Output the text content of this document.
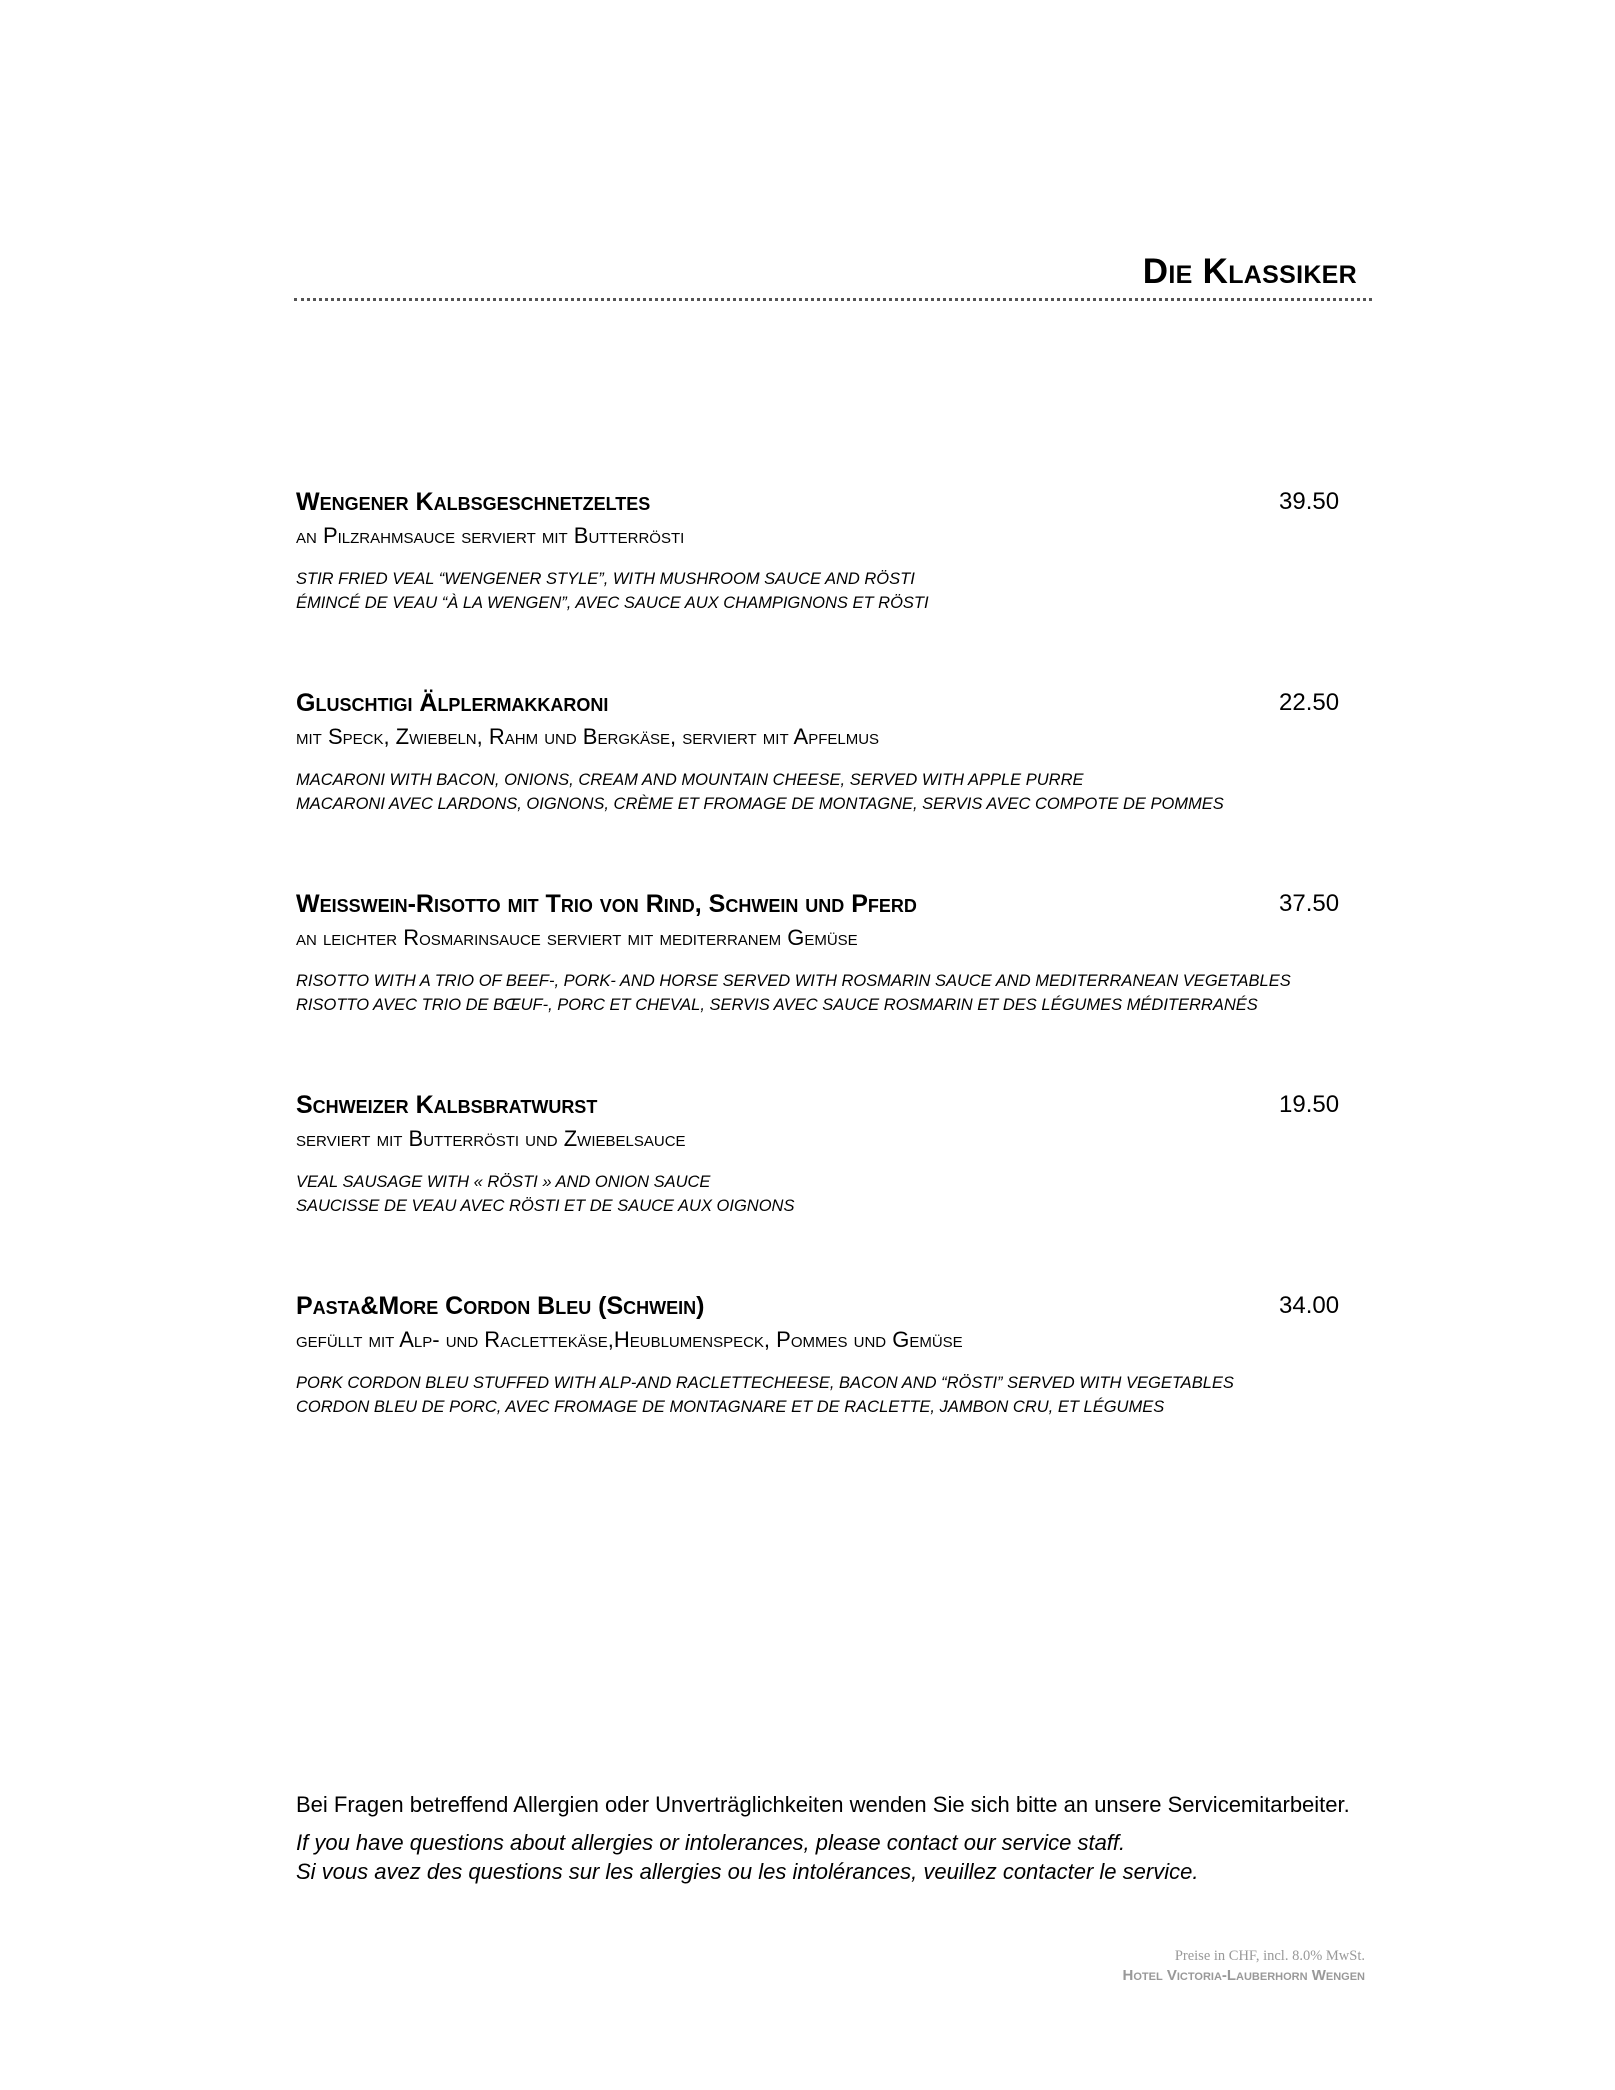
Die Klassiker
Wengener Kalbsgeschnetzeltes	39.50
an Pilzrahmsauce serviert mit Butterrösti
STIR FRIED VEAL “WENGENER STYLE”, WITH MUSHROOM SAUCE AND RÖSTI
ÉMINCÉ DE VEAU “À LA WENGEN”, AVEC SAUCE AUX CHAMPIGNONS ET RÖSTI
Gluschtigi Älplermakkaroni	22.50
mit Speck, Zwiebeln, Rahm und Bergkäse, serviert mit Apfelmus
MACARONI WITH BACON, ONIONS, CREAM AND MOUNTAIN CHEESE, SERVED WITH APPLE PURRE
MACARONI AVEC LARDONS, OIGNONS, CRÈME ET FROMAGE DE MONTAGNE, SERVIS AVEC COMPOTE DE POMMES
Weisswein-Risotto mit Trio von Rind, Schwein und Pferd	37.50
an leichter Rosmarinsauce serviert mit mediterranem Gemüse
RISOTTO WITH A TRIO OF BEEF-, PORK- AND HORSE SERVED WITH ROSMARIN SAUCE AND MEDITERRANEAN VEGETABLES
RISOTTO AVEC TRIO DE BŒUF-, PORC ET CHEVAL, SERVIS AVEC SAUCE ROSMARIN ET DES LÉGUMES MÉDITERRANÉS
Schweizer Kalbsbratwurst	19.50
serviert mit Butterrösti und Zwiebelsauce
VEAL SAUSAGE WITH « RÖSTI » AND ONION SAUCE
SAUCISSE DE VEAU AVEC RÖSTI ET DE SAUCE AUX OIGNONS
Pasta&More Cordon Bleu (Schwein)	34.00
gefüllt mit Alp- und Raclettekäse,Heublumenspeck, Pommes und Gemüse
PORK CORDON BLEU STUFFED WITH ALP-AND RACLETTECHEESE, BACON AND “RÖSTI” SERVED WITH VEGETABLES
CORDON BLEU DE PORC, AVEC FROMAGE DE MONTAGNARE ET DE RACLETTE, JAMBON CRU, ET LÉGUMES
Bei Fragen betreffend Allergien oder Unverträglichkeiten wenden Sie sich bitte an unsere Servicemitarbeiter.
If you have questions about allergies or intolerances, please contact our service staff.
Si vous avez des questions sur les allergies ou les intolérances, veuillez contacter le service.
Preise in CHF, incl. 8.0% MwSt.
Hotel Victoria-Lauberhorn Wengen
